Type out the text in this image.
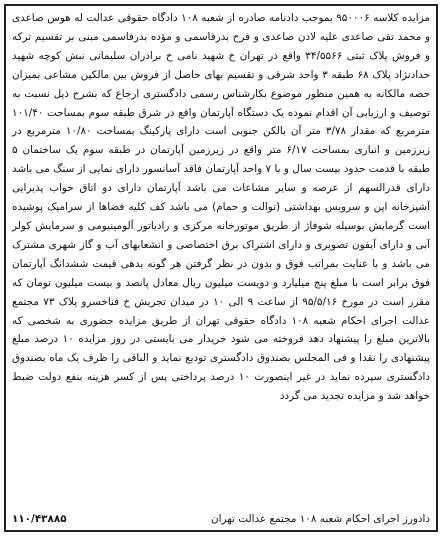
مزایده کلاسه ۹۵۰۰۰۶ بموجب دادنامه صادره از شعبه ۱۰۸ دادگاه حقوقی عدالت له هوس صاعدی و محمد تقی صاعدی علیه لادن صاعدی و فرح بدرقاسمی و مؤده بدرقاسمی مبنی بر تقسیم ترکه و فروش پلاک ثبتی ۳۴/۵۵۶۶ واقع در تهران خ شهید نامی خ برادران سلیمانی نبش کوچه شهید حدادنژاد پلاک ۶۸ طبقه ۳ واحد شرقی و تقسیم بهای حاصل از فروش بین مالکین مشاعی بمیزان حصه مالکانه به همین منظور موضوع بکارشناس رسمی دادگستری ارجاع که بشرح ذیل نسبت به توصیف و ارزیابی آن اقدام نموده یک دستگاه آپارتمان واقع در شرق طبقه سوم بمساحت ۱۰۱/۴۰ مترمربع که مقدار ۳/۷۸ متر آن بالکن جنوبی است دارای پارکینگ بمساحت ۱۰/۸۰ مترمربع در زیرزمین و انباری بمساحت ۶/۱۷ متر واقع در زیرزمین آپارتمان در طبقه سوم یک ساختمان ۵ طبقه با قدمت حدود بیست سال و با ۷ واحد آپارتمان فاقد آسانسور دارای نمایی از سنگ می باشد دارای قدرالسهم از عرصه و سایر مشاعات می باشد آپارتمان دارای دو اتاق خواب پذیرایی آشپزخانه اپن و سرویس بهداشتی (توالت و حمام) می باشد کف کلیه فضاها از سرامیک پوشیده است گرمایش بوسیله شوفاژ از طریق موتورخانه مرکزی و رادیاتور آلومینیومی و سرمایش کولر آبی و دارای آیفون تصویری و دارای اشتراک برق اختصاصی و انشعابهای آب و گاز شهری مشترک می باشد و با عنایت بمراتب فوق و بدون در نظر گرفتن هر گونه بدهی قیمت ششدانگ آپارتمان فوق برابر است با مبلغ پنج میلیارد و دویست میلیون ریال معادل پانصد و بیست میلیون تومان که مقرر است در مورخ ۹۵/۵/۱۶ از ساعت ۹ الی ۱۰ در میدان تجریش خ فناخسرو پلاک ۷۳ مجتمع عدالت اجرای احکام شعبه ۱۰۸ دادگاه حقوقی تهران از طریق مزایده حضوری به شخصی که بالاترین مبلغ را پیشنهاد دهد فروخته می شود خریدار می بایستی در روز مزایده ۱۰ درصد مبلغ پیشنهادی را نقدا و فی المجلس بصندوق دادگستری تودیع نماید و الباقی را ظرف یک ماه بصندوق دادگستری سپرده نماید در غیر اینصورت ۱۰ درصد پرداختی پس از کسر هزینه بنفع دولت ضبط خواهد شد و مزایده تجدید می گردد

دادورز اجرای احکام شعبه ۱۰۸ مجتمع عدالت تهران
۱۱۰/۴۳۸۸۵
